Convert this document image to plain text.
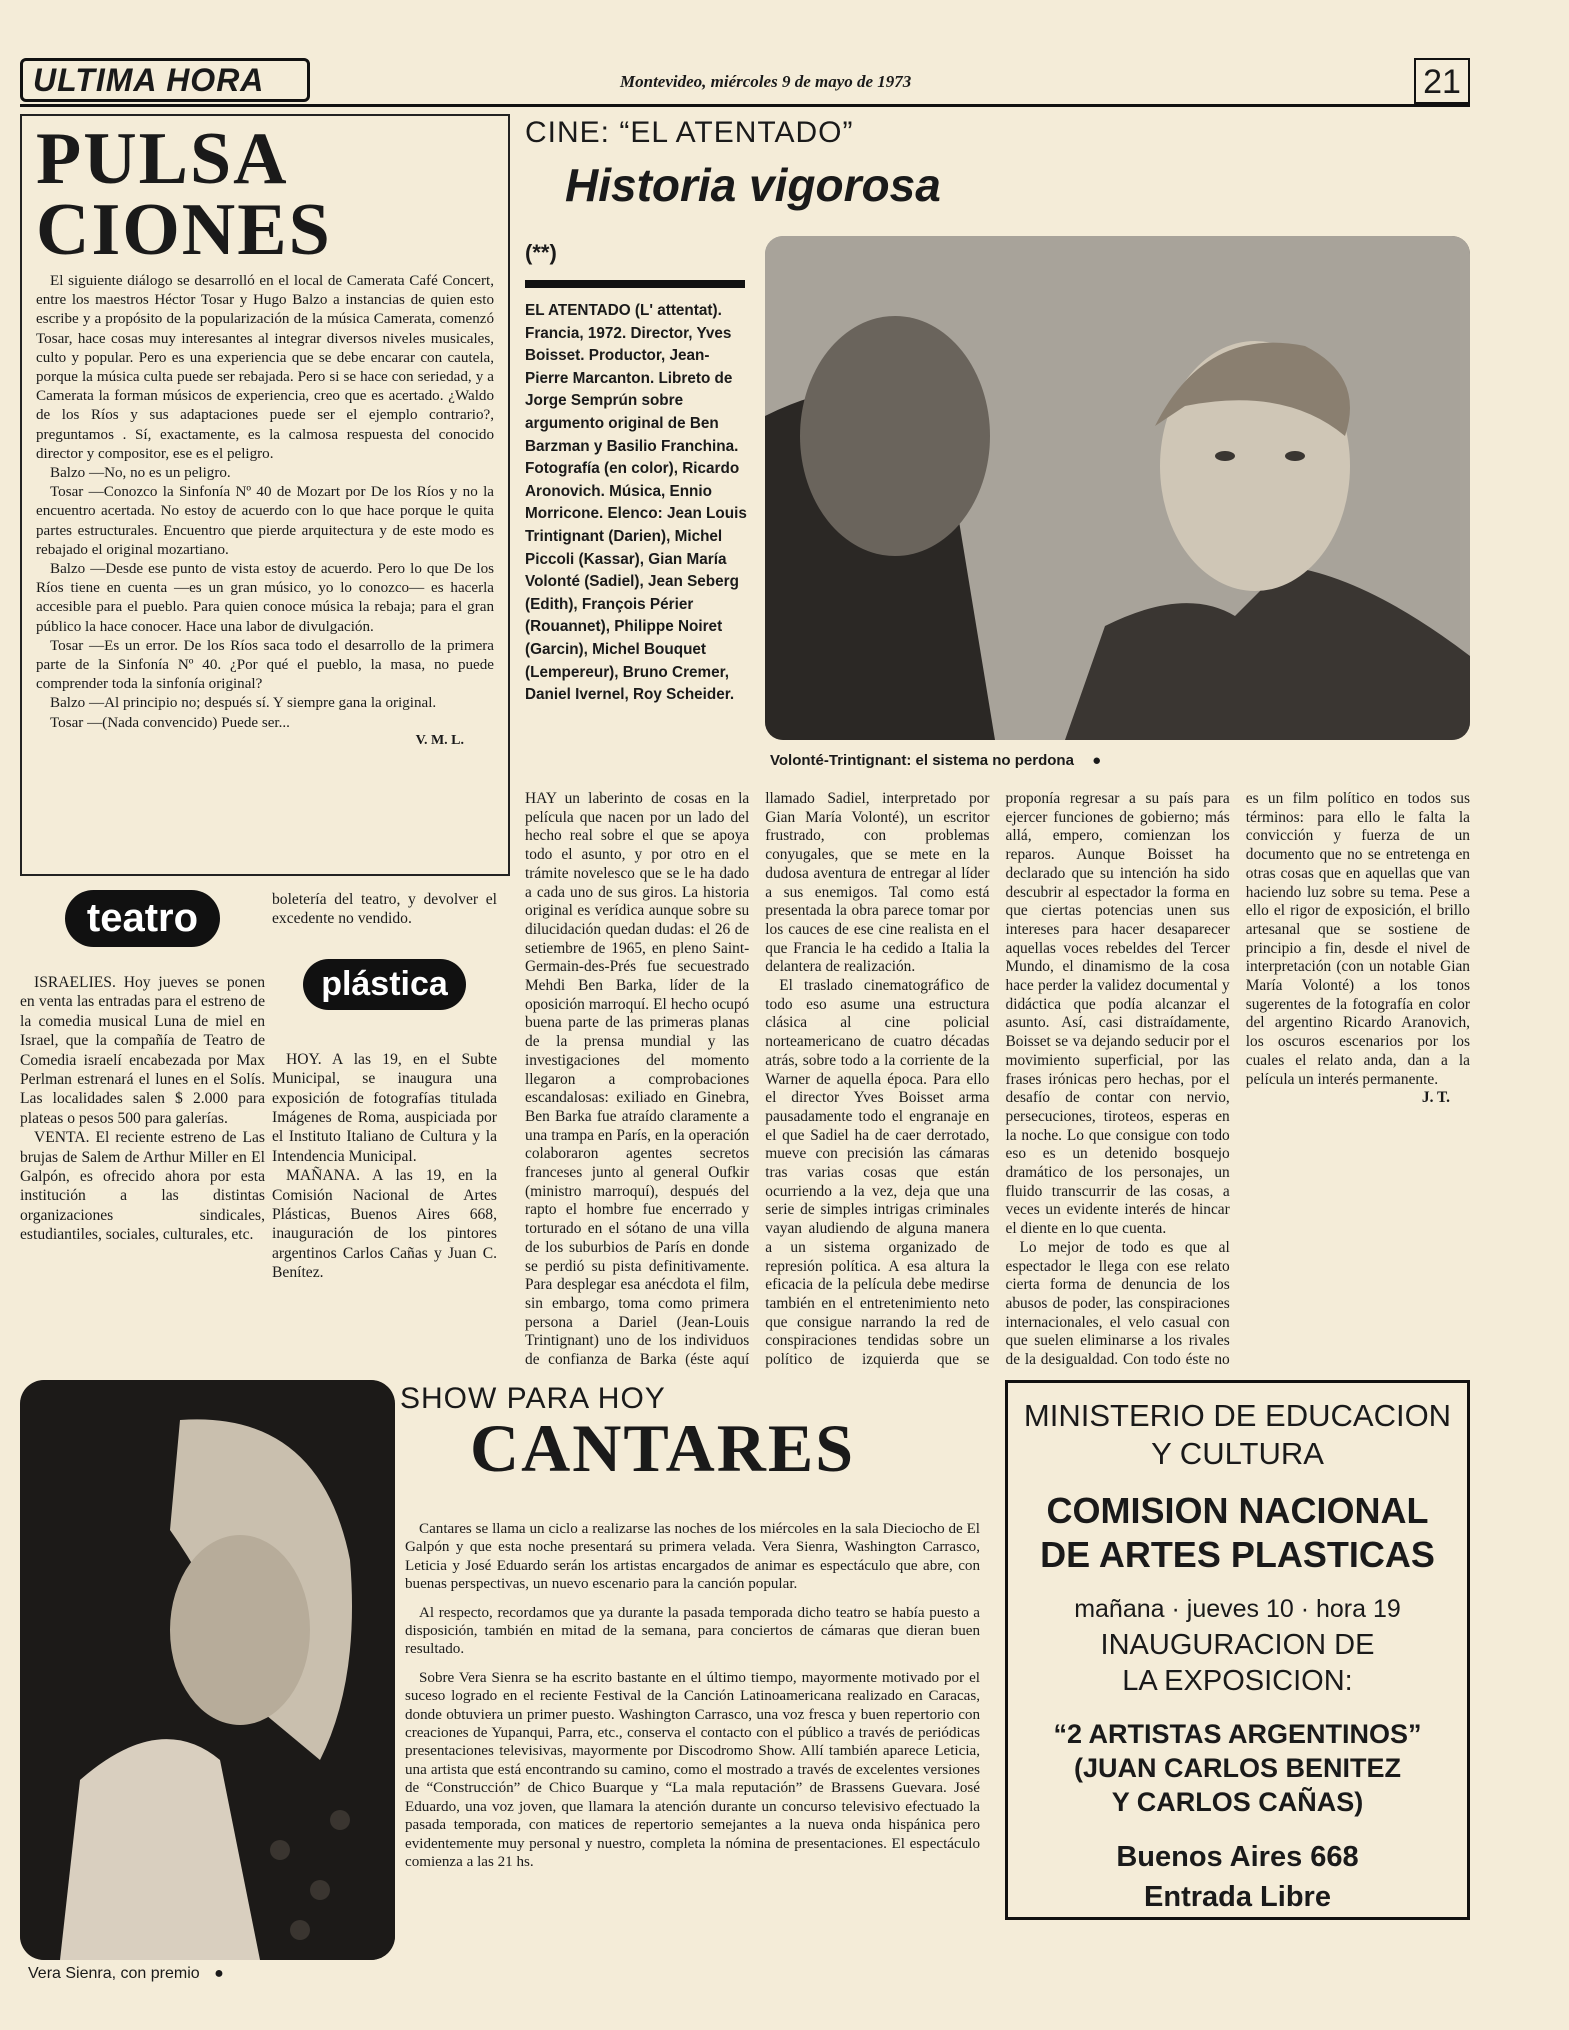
ULTIMA HORA	Montevideo, miércoles 9 de mayo de 1973	21
PULSA
CIONES

El siguiente diálogo se desarrolló en el local de Camerata Café Concert, entre los maestros Héctor Tosar y Hugo Balzo a instancias de quien esto escribe y a propósito de la popularización de la música Camerata, comenzó Tosar, hace cosas muy interesantes al integrar diversos niveles musicales, culto y popular. Pero es una experiencia que se debe encarar con cautela, porque la música culta puede ser rebajada. Pero si se hace con seriedad, y a Camerata la forman músicos de experiencia, creo que es acertado. ¿Waldo de los Ríos y sus adaptaciones puede ser el ejemplo contrario?, preguntamos . Sí, exactamente, es la calmosa respuesta del conocido director y compositor, ese es el peligro.

Balzo —No, no es un peligro.

Tosar —Conozco la Sinfonía Nº 40 de Mozart por De los Ríos y no la encuentro acertada. No estoy de acuerdo con lo que hace porque le quita partes estructurales. Encuentro que pierde arquitectura y de este modo es rebajado el original mozartiano.

Balzo —Desde ese punto de vista estoy de acuerdo. Pero lo que De los Ríos tiene en cuenta —es un gran músico, yo lo conozco— es hacerla accesible para el pueblo. Para quien conoce música la rebaja; para el gran público la hace conocer. Hace una labor de divulgación.

Tosar —Es un error. De los Ríos saca todo el desarrollo de la primera parte de la Sinfonía Nº 40. ¿Por qué el pueblo, la masa, no puede comprender toda la sinfonía original?

Balzo —Al principio no; después sí. Y siempre gana la original.

Tosar —(Nada convencido) Puede ser...

V. M. L.
teatro

ISRAELIES. Hoy jueves se ponen en venta las entradas para el estreno de la comedia musical Luna de miel en Israel, que la compañía de Teatro de Comedia israelí encabezada por Max Perlman estrenará el lunes en el Solís. Las localidades salen $ 2.000 para plateas o pesos 500 para galerías.

VENTA. El reciente estreno de Las brujas de Salem de Arthur Miller en El Galpón, es ofrecido ahora por esta institución a las distintas organizaciones sindicales, estudiantiles, sociales, culturales, etc.

boletería del teatro, y devolver el excedente no vendido.
plástica

HOY. A las 19, en el Subte Municipal, se inaugura una exposición de fotografías titulada Imágenes de Roma, auspiciada por el Instituto Italiano de Cultura y la Intendencia Municipal.

MAÑANA. A las 19, en la Comisión Nacional de Artes Plásticas, Buenos Aires 668, inauguración de los pintores argentinos Carlos Cañas y Juan C. Benítez.

CINE: “EL ATENTADO”
Historia vigorosa
(**)
EL ATENTADO (L' attentat). Francia, 1972. Director, Yves Boisset. Productor, Jean-Pierre Marcanton. Libreto de Jorge Semprún sobre argumento original de Ben Barzman y Basilio Franchina. Fotografía (en color), Ricardo Aronovich. Música, Ennio Morricone. Elenco: Jean Louis Trintignant (Darien), Michel Piccoli (Kassar), Gian María Volonté (Sadiel), Jean Seberg (Edith), François Périer (Rouannet), Philippe Noiret (Garcin), Michel Bouquet (Lempereur), Bruno Cremer, Daniel Ivernel, Roy Scheider.
Volonté-Trintignant: el sistema no perdona ●

HAY un laberinto de cosas en la película que nacen por un lado del hecho real sobre el que se apoya todo el asunto, y por otro en el trámite novelesco que se le ha dado a cada uno de sus giros. La historia original es verídica aunque sobre su dilucidación quedan dudas: el 26 de setiembre de 1965, en pleno Saint-Germain-des-Prés fue secuestrado Mehdi Ben Barka, líder de la oposición marroquí. El hecho ocupó buena parte de las primeras planas de la prensa mundial y las investigaciones del momento llegaron a comprobaciones escandalosas: exiliado en Ginebra, Ben Barka fue atraído claramente a una trampa en París, en la operación colaboraron agentes secretos franceses junto al general Oufkir (ministro marroquí), después del rapto el hombre fue encerrado y torturado en el sótano de una villa de los suburbios de París en donde se perdió su pista definitivamente. Para desplegar esa anécdota el film, sin embargo, toma como primera persona a Dariel (Jean-Louis Trintignant) uno de los individuos de confianza de Barka (éste aquí llamado Sadiel, interpretado por Gian María Volonté), un escritor frustrado, con problemas conyugales, que se mete en la dudosa aventura de entregar al líder a sus enemigos. Tal como está presentada la obra parece tomar por los cauces de ese cine realista en el que Francia le ha cedido a Italia la delantera de realización.

El traslado cinematográfico de todo eso asume una estructura clásica al cine policial norteamericano de cuatro décadas atrás, sobre todo a la corriente de la Warner de aquella época. Para ello el director Yves Boisset arma pausadamente todo el engranaje en el que Sadiel ha de caer derrotado, mueve con precisión las cámaras tras varias cosas que están ocurriendo a la vez, deja que una serie de simples intrigas criminales vayan aludiendo de alguna manera a un sistema organizado de represión política. A esa altura la eficacia de la película debe medirse también en el entretenimiento neto que consigue narrando la red de conspiraciones tendidas sobre un político de izquierda que se proponía regresar a su país para ejercer funciones de gobierno; más allá, empero, comienzan los reparos. Aunque Boisset ha declarado que su intención ha sido descubrir al espectador la forma en que ciertas potencias unen sus intereses para hacer desaparecer aquellas voces rebeldes del Tercer Mundo, el dinamismo de la cosa hace perder la validez documental y didáctica que podía alcanzar el asunto. Así, casi distraídamente, Boisset se va dejando seducir por el movimiento superficial, por las frases irónicas pero hechas, por el desafío de contar con nervio, persecuciones, tiroteos, esperas en la noche. Lo que consigue con todo eso es un detenido bosquejo dramático de los personajes, un fluido transcurrir de las cosas, a veces un evidente interés de hincar el diente en lo que cuenta.

Lo mejor de todo es que al espectador le llega con ese relato cierta forma de denuncia de los abusos de poder, las conspiraciones internacionales, el velo casual con que suelen eliminarse a los rivales de la desigualdad. Con todo éste no es un film político en todos sus términos: para ello le falta la convicción y fuerza de un documento que no se entretenga en otras cosas que en aquellas que van haciendo luz sobre su tema. Pese a ello el rigor de exposición, el brillo artesanal que se sostiene de principio a fin, desde el nivel de interpretación (con un notable Gian María Volonté) a los tonos sugerentes de la fotografía en color del argentino Ricardo Aranovich, los oscuros escenarios por los cuales el relato anda, dan a la película un interés permanente.

J. T.
Vera Sienra, con premio ●
SHOW PARA HOY
CANTARES

Cantares se llama un ciclo a realizarse las noches de los miércoles en la sala Dieciocho de El Galpón y que esta noche presentará su primera velada. Vera Sienra, Washington Carrasco, Leticia y José Eduardo serán los artistas encargados de animar es espectáculo que abre, con buenas perspectivas, un nuevo escenario para la canción popular.

Al respecto, recordamos que ya durante la pasada temporada dicho teatro se había puesto a disposición, también en mitad de la semana, para conciertos de cámaras que dieran buen resultado.

Sobre Vera Sienra se ha escrito bastante en el último tiempo, mayormente motivado por el suceso logrado en el reciente Festival de la Canción Latinoamericana realizado en Caracas, donde obtuviera un primer puesto. Washington Carrasco, una voz fresca y buen repertorio con creaciones de Yupanqui, Parra, etc., conserva el contacto con el público a través de periódicas presentaciones televisivas, mayormente por Discodromo Show. Allí también aparece Leticia, una artista que está encontrando su camino, como el mostrado a través de excelentes versiones de “Construcción” de Chico Buarque y “La mala reputación” de Brassens Guevara. José Eduardo, una voz joven, que llamara la atención durante un concurso televisivo efectuado la pasada temporada, con matices de repertorio semejantes a la nueva onda hispánica pero evidentemente muy personal y nuestro, completa la nómina de presentaciones. El espectáculo comienza a las 21 hs.

MINISTERIO DE EDUCACION
Y CULTURA
COMISION NACIONAL
DE ARTES PLASTICAS
mañana · jueves 10 · hora 19
INAUGURACION DE
LA EXPOSICION:
“2 ARTISTAS ARGENTINOS”
(JUAN CARLOS BENITEZ
Y CARLOS CAÑAS)
Buenos Aires 668
Entrada Libre
